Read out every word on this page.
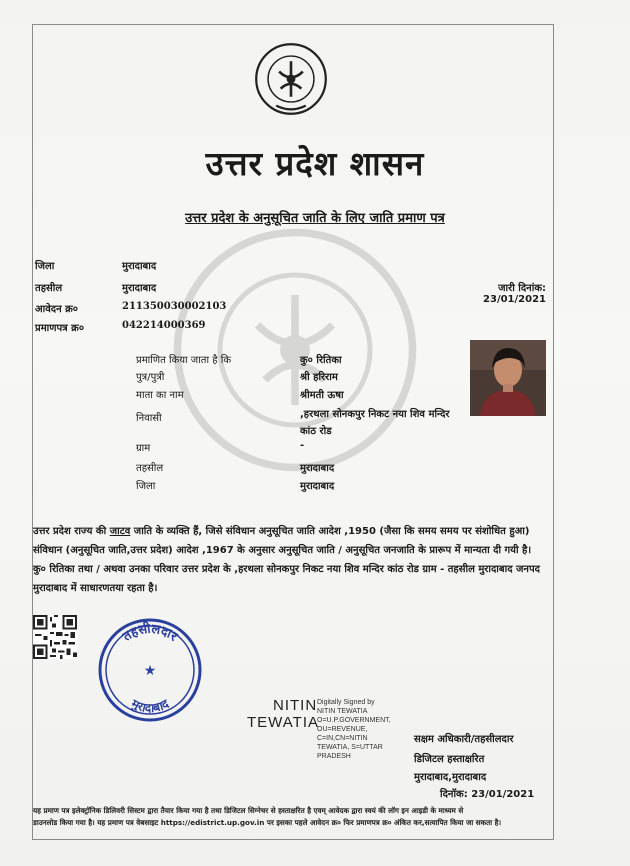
उत्तर प्रदेश शासन
उत्तर प्रदेश के अनुसूचित जाति के लिए जाति प्रमाण पत्र
जिला	मुरादाबाद
तहसील	मुरादाबाद
आवेदन क्र०	211350030002103
प्रमाणपत्र क्र०	042214000369
जारी दिनांक:
23/01/2021
प्रमाणित किया जाता है कि	कु० रितिका
पुत्र/पुत्री	श्री हरिराम
माता का नाम	श्रीमती ऊषा
निवासी	,हरथला सोनकपुर निकट नया शिव मन्दिर
कांठ रोड
ग्राम	-
तहसील	मुरादाबाद
जिला	मुरादाबाद
उत्तर प्रदेश राज्य की जाटव जाति के व्यक्ति हैं, जिसे संविधान अनुसूचित जाति आदेश ,1950 (जैसा कि समय समय पर संशोधित हुआ) संविधान (अनुसूचित जाति,उत्तर प्रदेश) आदेश ,1967 के अनुसार अनुसूचित जाति / अनुसूचित जनजाति के प्रारूप में मान्यता दी गयी है।
कु० रितिका तथा / अथवा उनका परिवार उत्तर प्रदेश के ,हरथला सोनकपुर निकट नया शिव मन्दिर कांठ रोड ग्राम - तहसील मुरादाबाद जनपद मुरादाबाद में साधारणतया रहता है।
तहसीलदार
मुरादाबाद
★
NITIN
TEWATIA
Digitally Signed by
NITIN TEWATIA
O=U.P.GOVERNMENT,
OU=REVENUE,
C=IN,CN=NITIN
TEWATIA, S=UTTAR
PRADESH
सक्षम अधिकारी/तहसीलदार
डिजिटल हस्ताक्षरित
मुरादाबाद,मुरादाबाद
दिनॉक: 23/01/2021
यह प्रमाण पत्र इलेक्ट्रॉनिक डिलिवरी सिस्टम द्वारा तैयार किया गया है तथा डिजिटल सिग्नेचर से हस्ताक्षरित है एवम् आवेदक द्वारा स्वयं की लॉग इन आइडी के माध्यम से
डाउनलोड किया गया है। यह प्रमाण पत्र वेबसाइट https://edistrict.up.gov.in पर इसका पहले आवेदन क्र० फिर प्रमाणपत्र क्र० अंकित कर,सत्यापित किया जा सकता है।
